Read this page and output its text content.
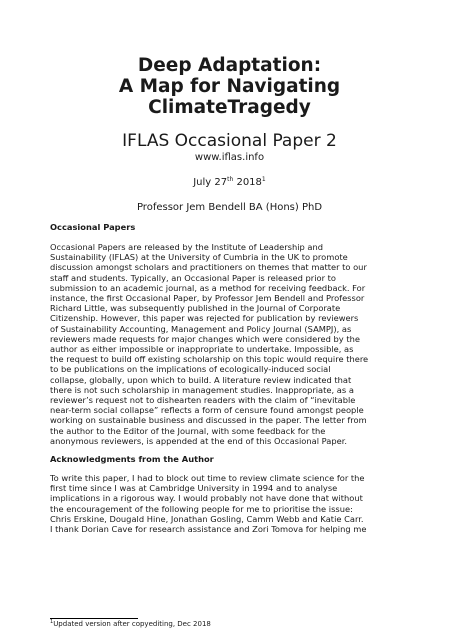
Deep Adaptation:
A Map for Navigating
ClimateTragedy
IFLAS Occasional Paper 2
www.iflas.info
July 27th 2018$^1$
Professor Jem Bendell BA (Hons) PhD
Occasional Papers

Occasional Papers are released by the Institute of Leadership and
Sustainability (IFLAS) at the University of Cumbria in the UK to promote
discussion amongst scholars and practitioners on themes that matter to our
staff and students. Typically, an Occasional Paper is released prior to
submission to an academic journal, as a method for receiving feedback. For
instance, the first Occasional Paper, by Professor Jem Bendell and Professor
Richard Little, was subsequently published in the Journal of Corporate
Citizenship. However, this paper was rejected for publication by reviewers
of Sustainability Accounting, Management and Policy Journal (SAMPJ), as
reviewers made requests for major changes which were considered by the
author as either impossible or inappropriate to undertake. Impossible, as
the request to build off existing scholarship on this topic would require there
to be publications on the implications of ecologically-induced social
collapse, globally, upon which to build. A literature review indicated that
there is not such scholarship in management studies. Inappropriate, as a
reviewer’s request not to dishearten readers with the claim of “inevitable
near-term social collapse” reflects a form of censure found amongst people
working on sustainable business and discussed in the paper. The letter from
the author to the Editor of the Journal, with some feedback for the
anonymous reviewers, is appended at the end of this Occasional Paper.

Acknowledgments from the Author

To write this paper, I had to block out time to review climate science for the
first time since I was at Cambridge University in 1994 and to analyse
implications in a rigorous way. I would probably not have done that without
the encouragement of the following people for me to prioritise the issue:
Chris Erskine, Dougald Hine, Jonathan Gosling, Camm Webb and Katie Carr.
I thank Dorian Cave for research assistance and Zori Tomova for helping me

$^1$Updated version after copyediting, Dec 2018
